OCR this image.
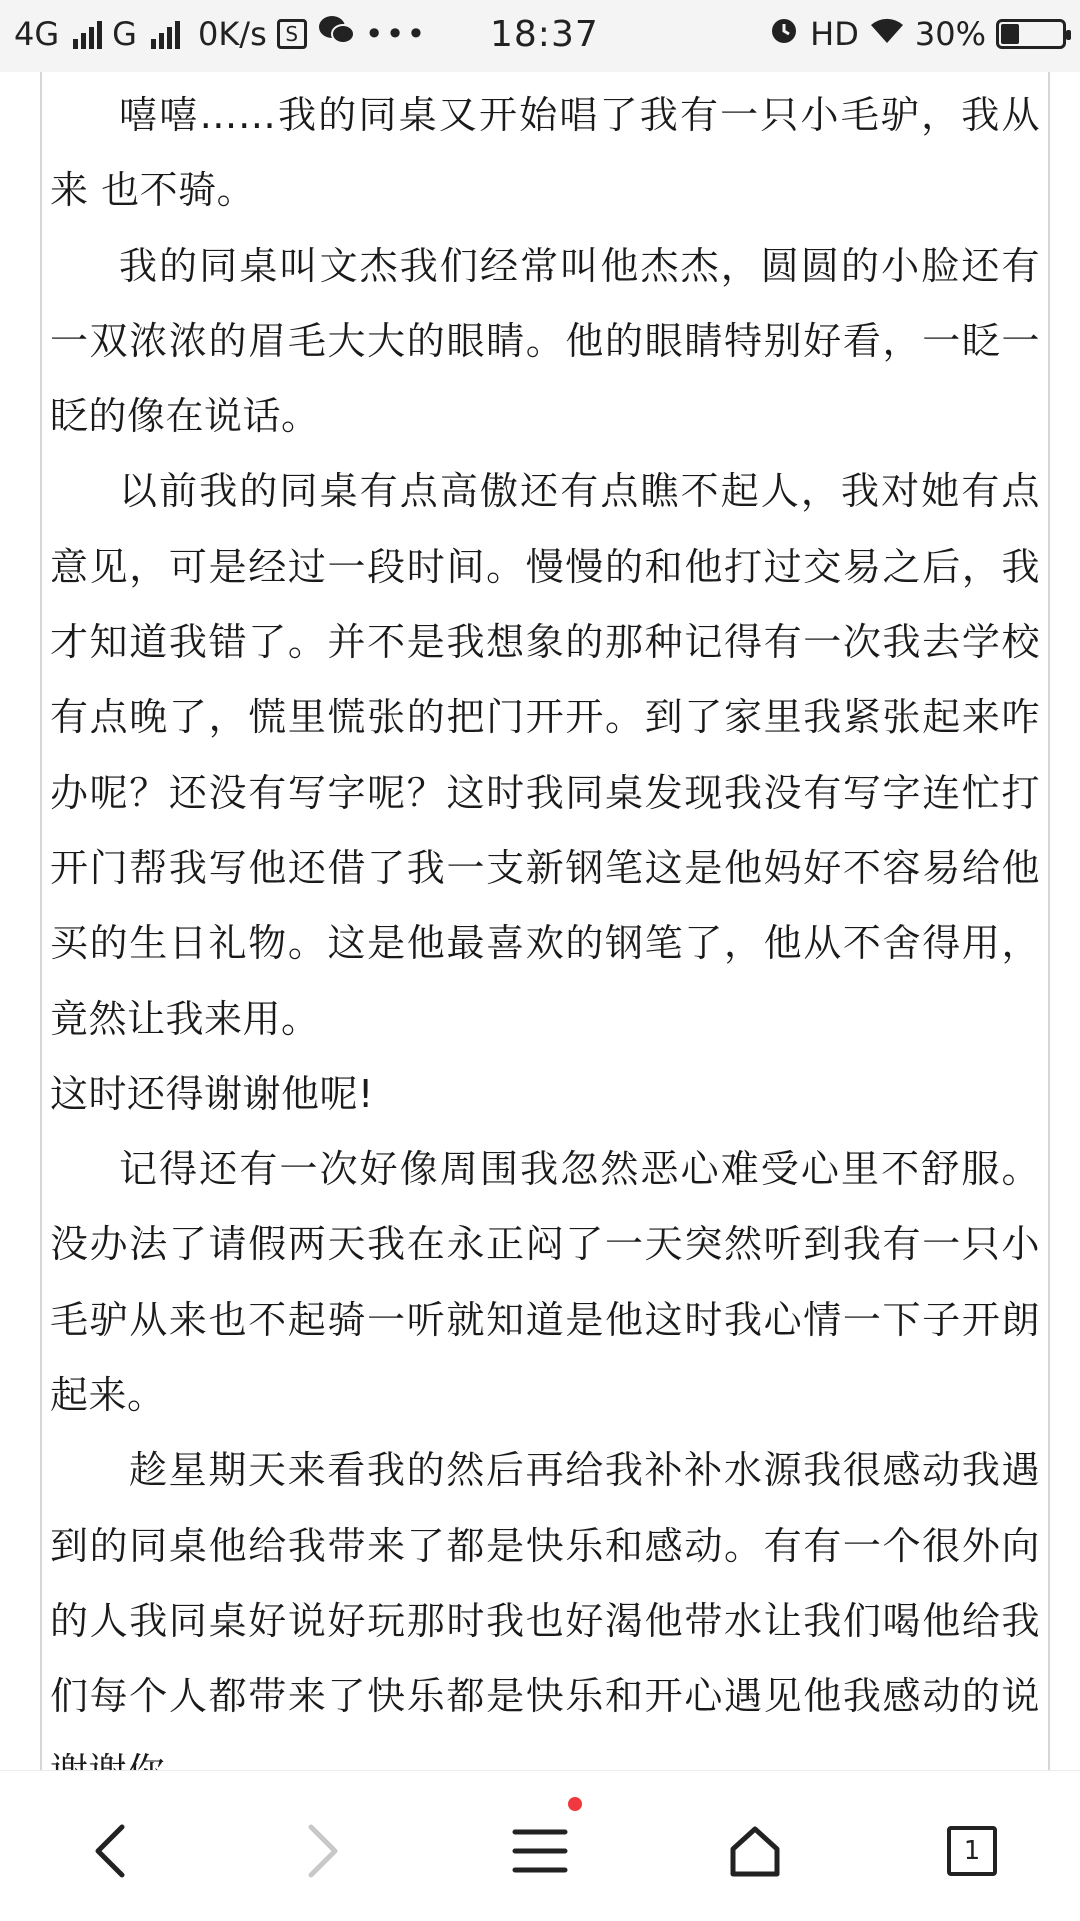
4G G 0K/s S ••• 18:37	HD 30%

嘻嘻……我的同桌又开始唱了我有一只小毛驴，我从来 也不骑。

我的同桌叫文杰我们经常叫他杰杰，圆圆的小脸还有一双浓浓的眉毛大大的眼睛。他的眼睛特别好看，一眨一眨的像在说话。

以前我的同桌有点高傲还有点瞧不起人，我对她有点意见，可是经过一段时间。慢慢的和他打过交易之后，我才知道我错了。并不是我想象的那种记得有一次我去学校有点晚了，慌里慌张的把门开开。到了家里我紧张起来咋办呢？还没有写字呢？这时我同桌发现我没有写字连忙打开门帮我写他还借了我一支新钢笔这是他妈好不容易给他买的生日礼物。这是他最喜欢的钢笔了，他从不舍得用，竟然让我来用。

这时还得谢谢他呢!

记得还有一次好像周围我忽然恶心难受心里不舒服。没办法了请假两天我在永正闷了一天突然听到我有一只小毛驴从来也不起骑一听就知道是他这时我心情一下子开朗起来。

趁星期天来看我的然后再给我补补水源我很感动我遇到的同桌他给我带来了都是快乐和感动。有有一个很外向的人我同桌好说好玩那时我也好渴他带水让我们喝他给我们每个人都带来了快乐都是快乐和开心遇见他我感动的说

1
